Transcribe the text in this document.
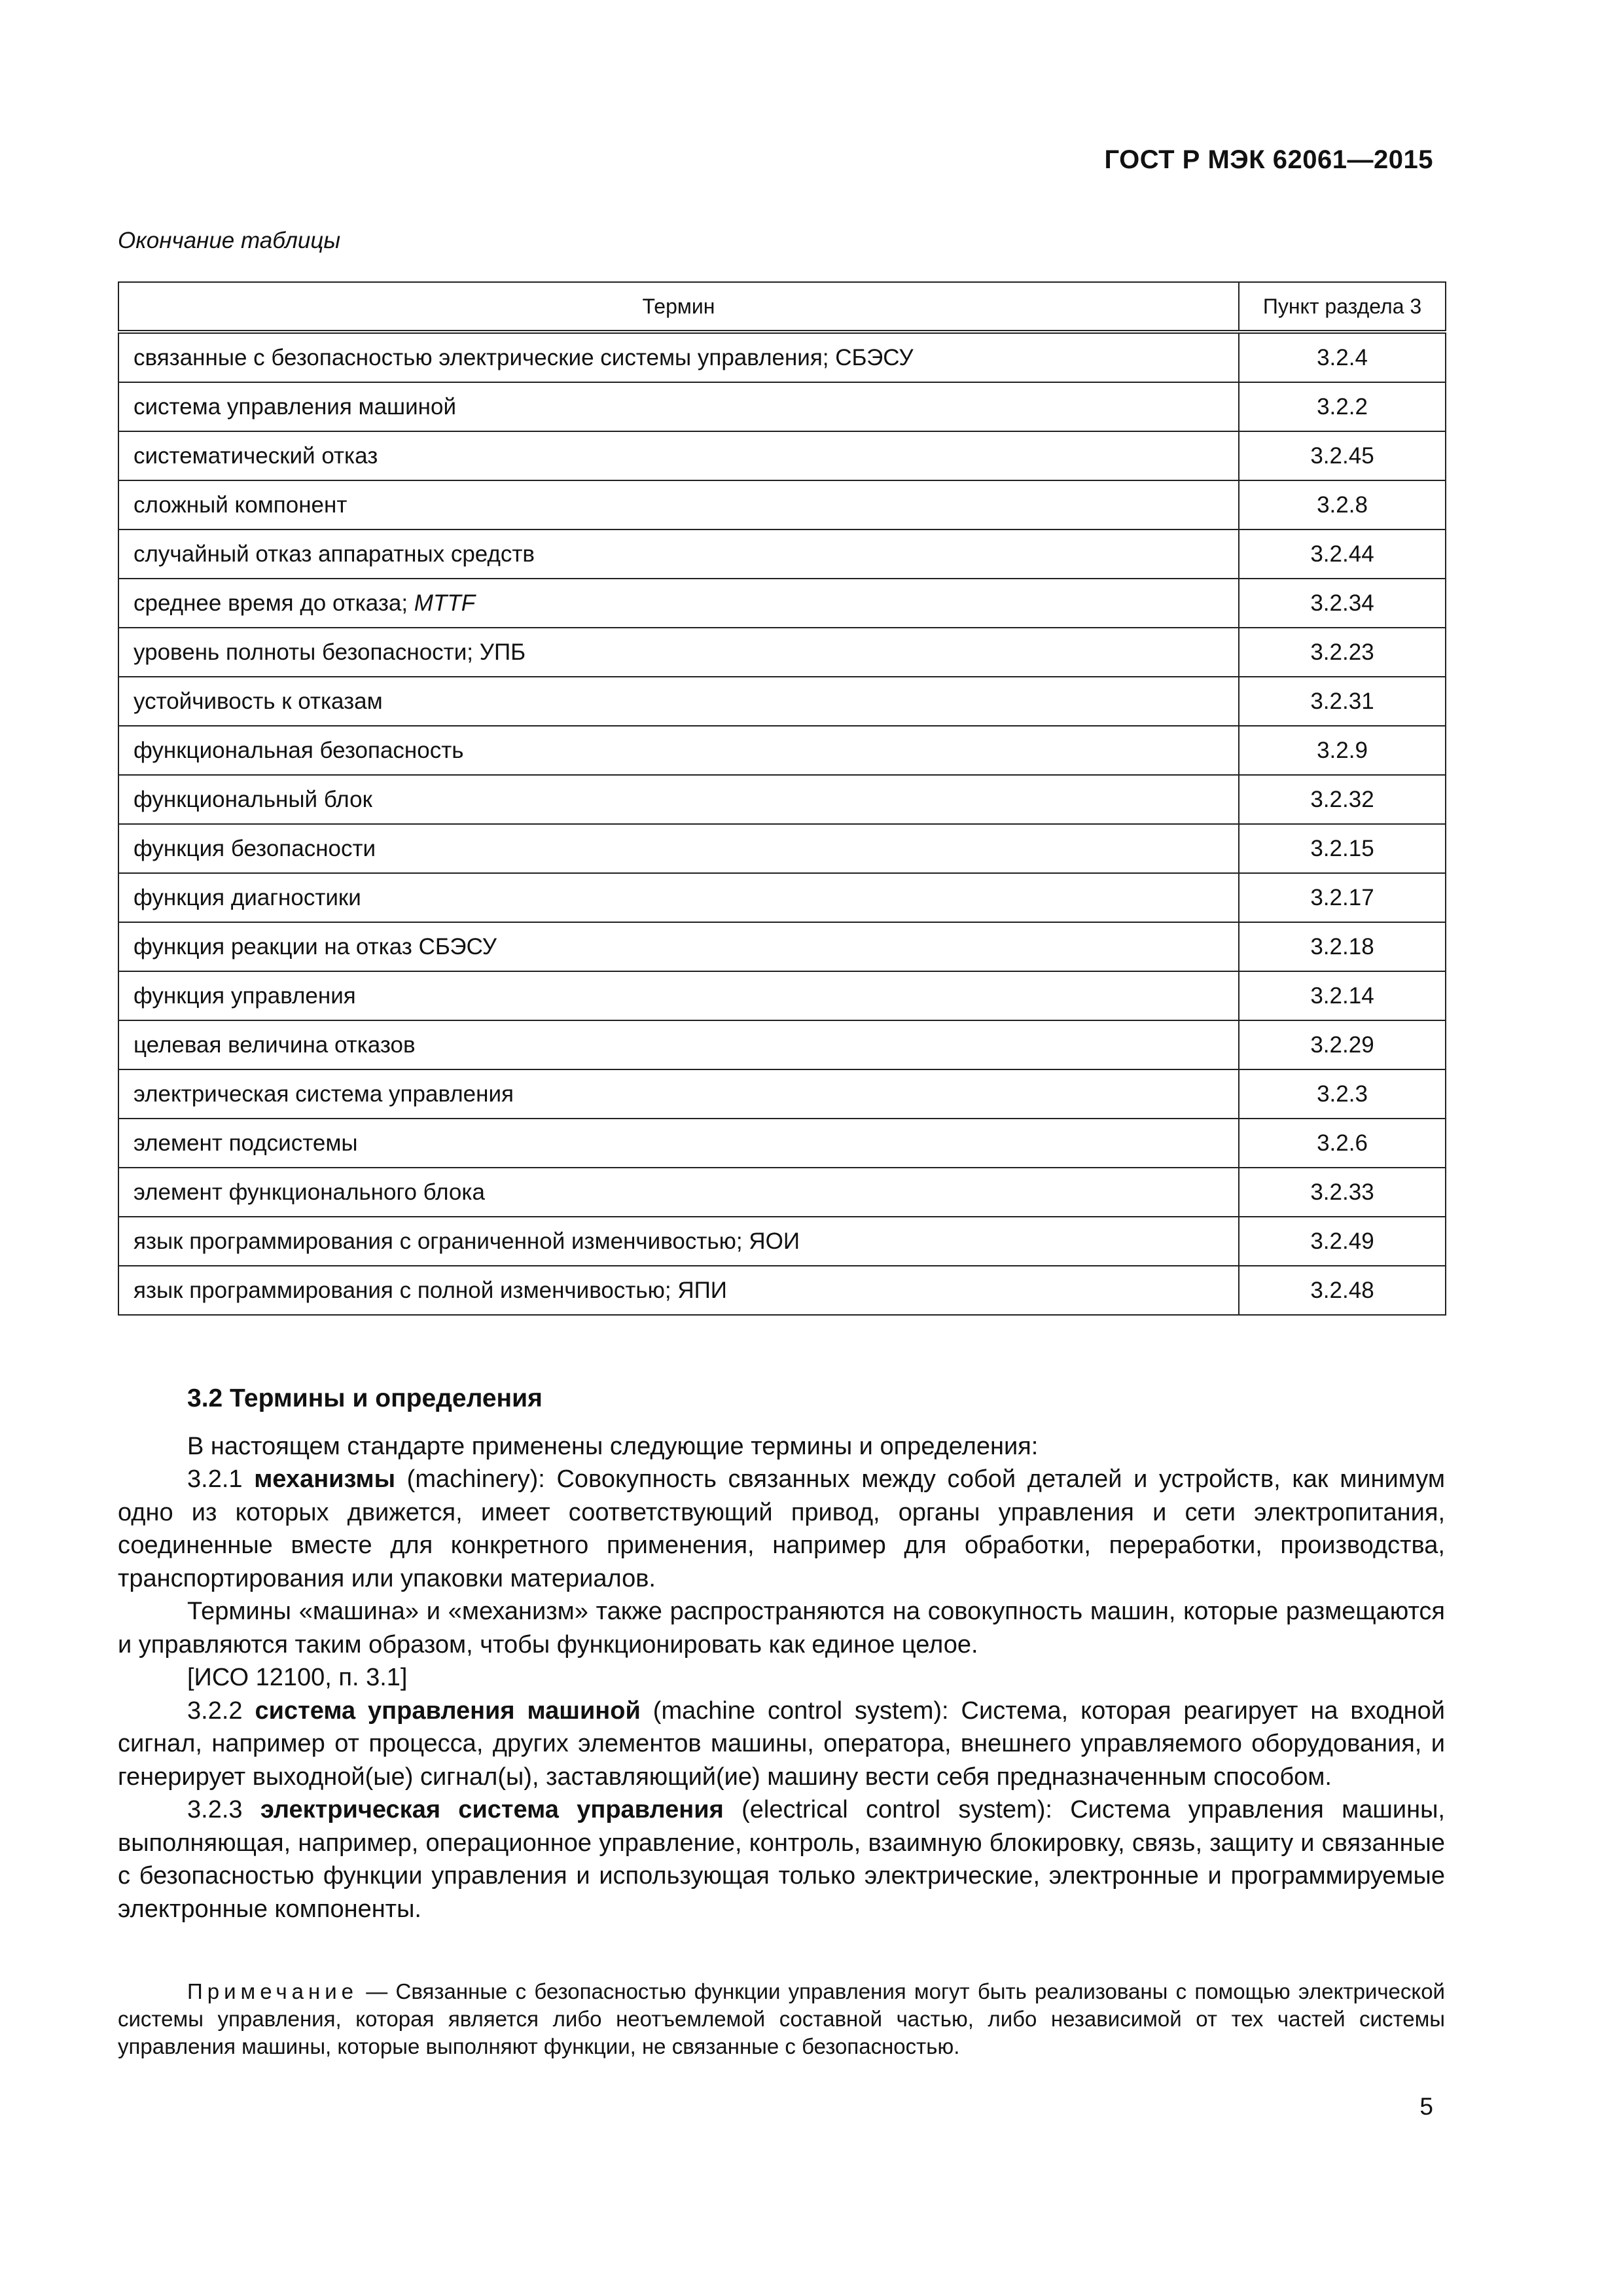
ГОСТ Р МЭК 62061—2015
Окончание таблицы
Термин	Пункт раздела 3
связанные с безопасностью электрические системы управления; СБЭСУ	3.2.4
система управления машиной	3.2.2
систематический отказ	3.2.45
сложный компонент	3.2.8
случайный отказ аппаратных средств	3.2.44
среднее время до отказа; MTTF	3.2.34
уровень полноты безопасности; УПБ	3.2.23
устойчивость к отказам	3.2.31
функциональная безопасность	3.2.9
функциональный блок	3.2.32
функция безопасности	3.2.15
функция диагностики	3.2.17
функция реакции на отказ СБЭСУ	3.2.18
функция управления	3.2.14
целевая величина отказов	3.2.29
электрическая система управления	3.2.3
элемент подсистемы	3.2.6
элемент функционального блока	3.2.33
язык программирования с ограниченной изменчивостью; ЯОИ	3.2.49
язык программирования с полной изменчивостью; ЯПИ	3.2.48
3.2 Термины и определения

В настоящем стандарте применены следующие термины и определения:

3.2.1 механизмы (machinery): Совокупность связанных между собой деталей и устройств, как минимум одно из которых движется, имеет соответствующий привод, органы управления и сети электропитания, соединенные вместе для конкретного применения, например для обработки, переработки, производства, транспортирования или упаковки материалов.

Термины «машина» и «механизм» также распространяются на совокупность машин, которые размещаются и управляются таким образом, чтобы функционировать как единое целое.

[ИСО 12100, п. 3.1]

3.2.2 система управления машиной (machine control system): Система, которая реагирует на входной сигнал, например от процесса, других элементов машины, оператора, внешнего управляемого оборудования, и генерирует выходной(ые) сигнал(ы), заставляющий(ие) машину вести себя предназначенным способом.

3.2.3 электрическая система управления (electrical control system): Система управления машины, выполняющая, например, операционное управление, контроль, взаимную блокировку, связь, защиту и связанные с безопасностью функции управления и использующая только электрические, электронные и программируемые электронные компоненты.

Примечание — Связанные с безопасностью функции управления могут быть реализованы с помощью электрической системы управления, которая является либо неотъемлемой составной частью, либо независимой от тех частей системы управления машины, которые выполняют функции, не связанные с безопасностью.

5
